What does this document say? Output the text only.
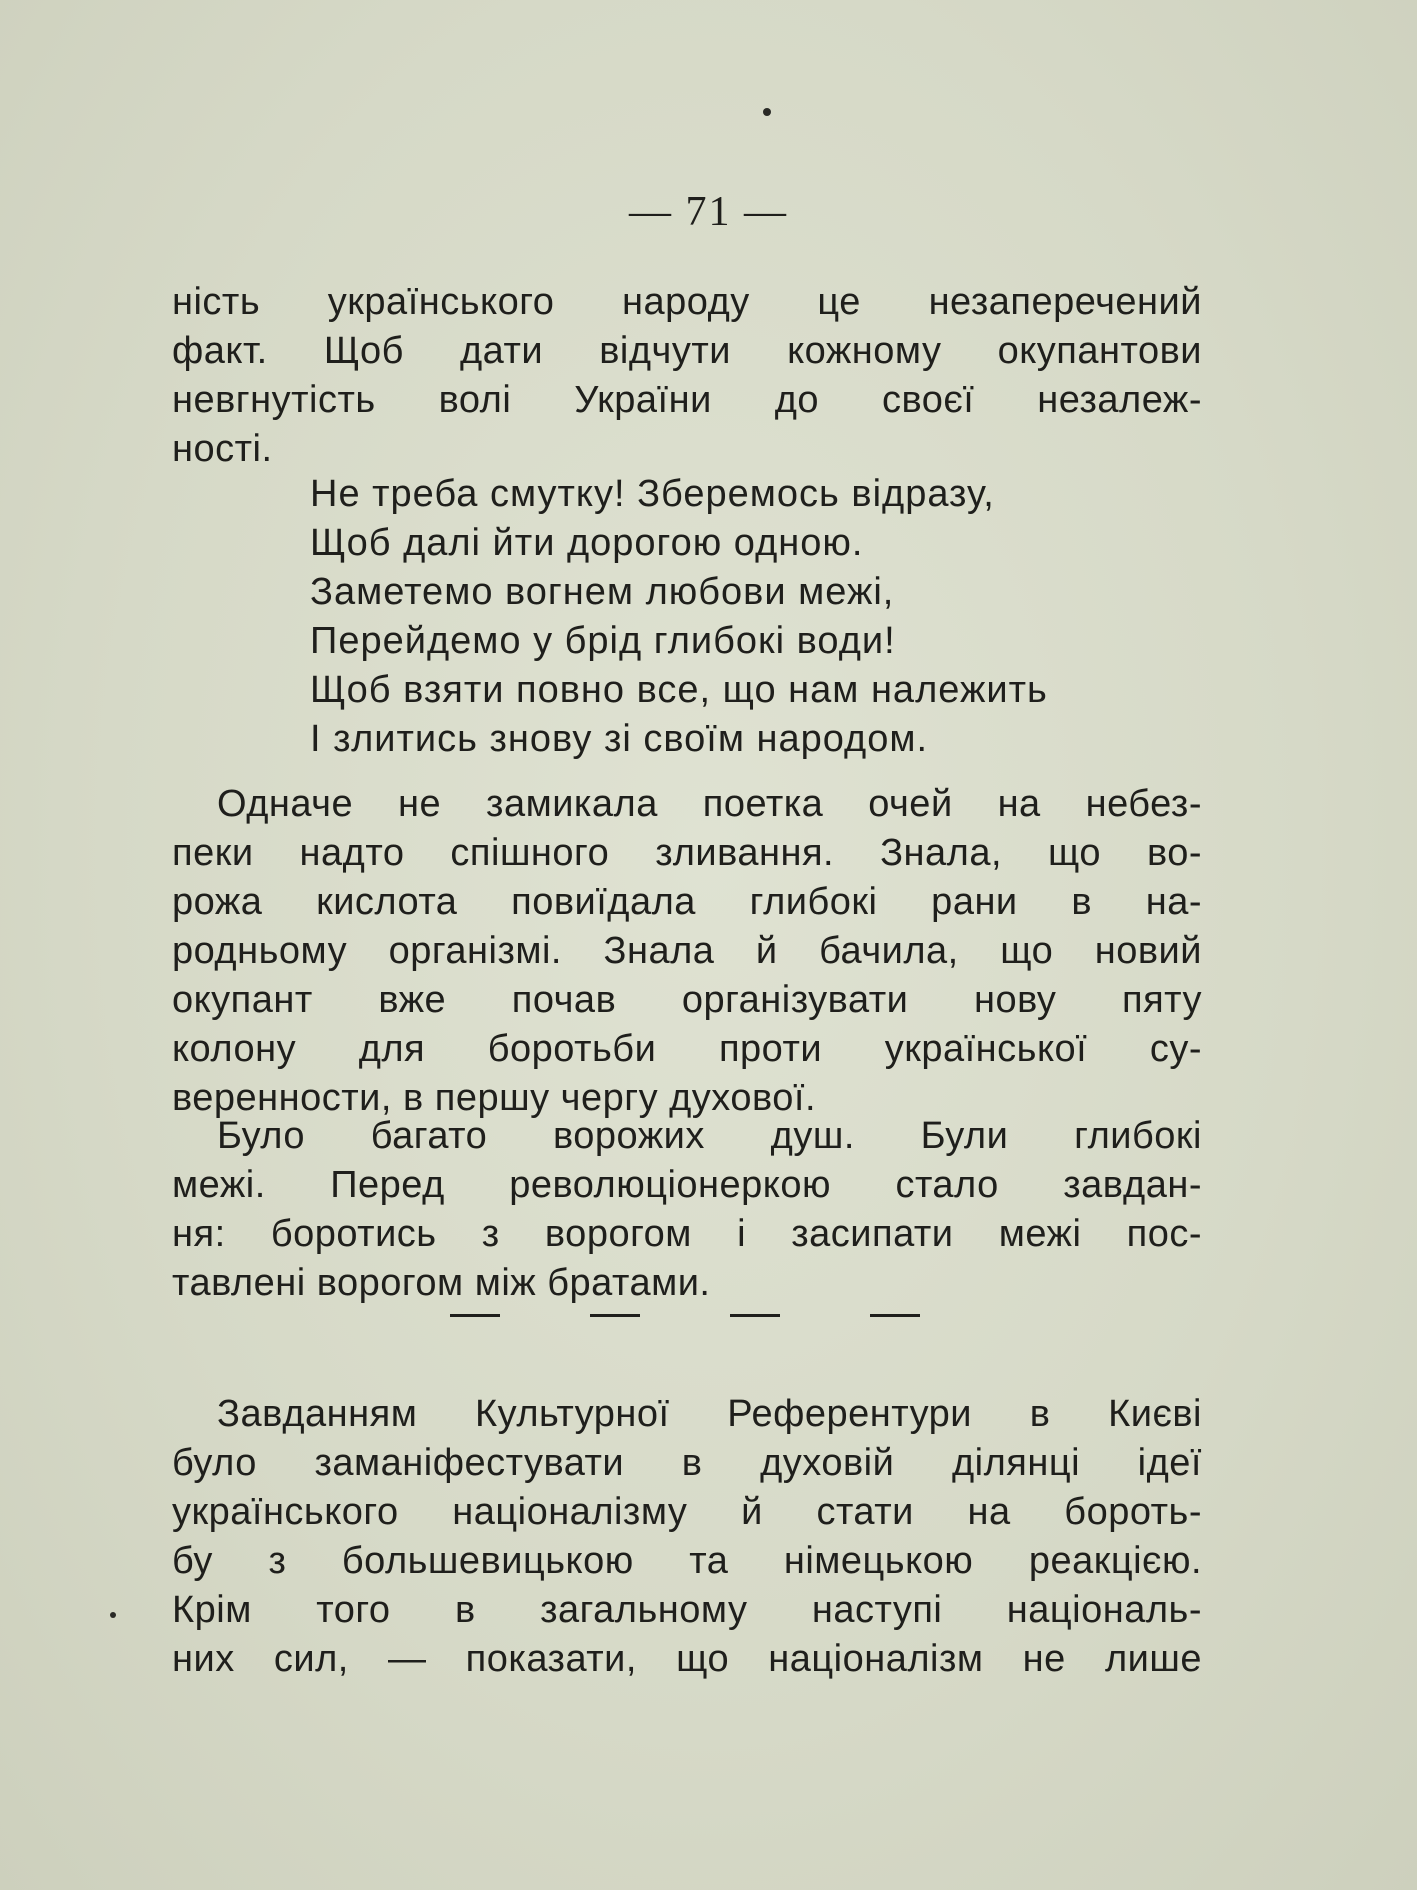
— 71 —
ність українського народу це незаперечений
факт. Щоб дати відчути кожному окупантови
невгнутість волі України до своєї незалеж-
ності.
Не треба смутку! Зберемось відразу,
Щоб далі йти дорогою одною.
Заметемо вогнем любови межі,
Перейдемо у брід глибокі води!
Щоб взяти повно все, що нам належить
І злитись знову зі своїм народом.
Одначе не замикала поетка очей на небез-
пеки надто спішного зливання. Знала, що во-
рожа кислота повиїдала глибокі рани в на-
родньому організмі. Знала й бачила, що новий
окупант вже почав організувати нову пяту
колону для боротьби проти української су-
веренности, в першу чергу духової.
Було багато ворожих душ. Були глибокі
межі. Перед революціонеркою стало завдан-
ня: боротись з ворогом і засипати межі пос-
тавлені ворогом між братами.
Завданням Культурної Референтури в Києві
було заманіфестувати в духовій ділянці ідеї
українського націоналізму й стати на бороть-
бу з большевицькою та німецькою реакцією.
Крім того в загальному наступі національ-
них сил, — показати, що націоналізм не лише
